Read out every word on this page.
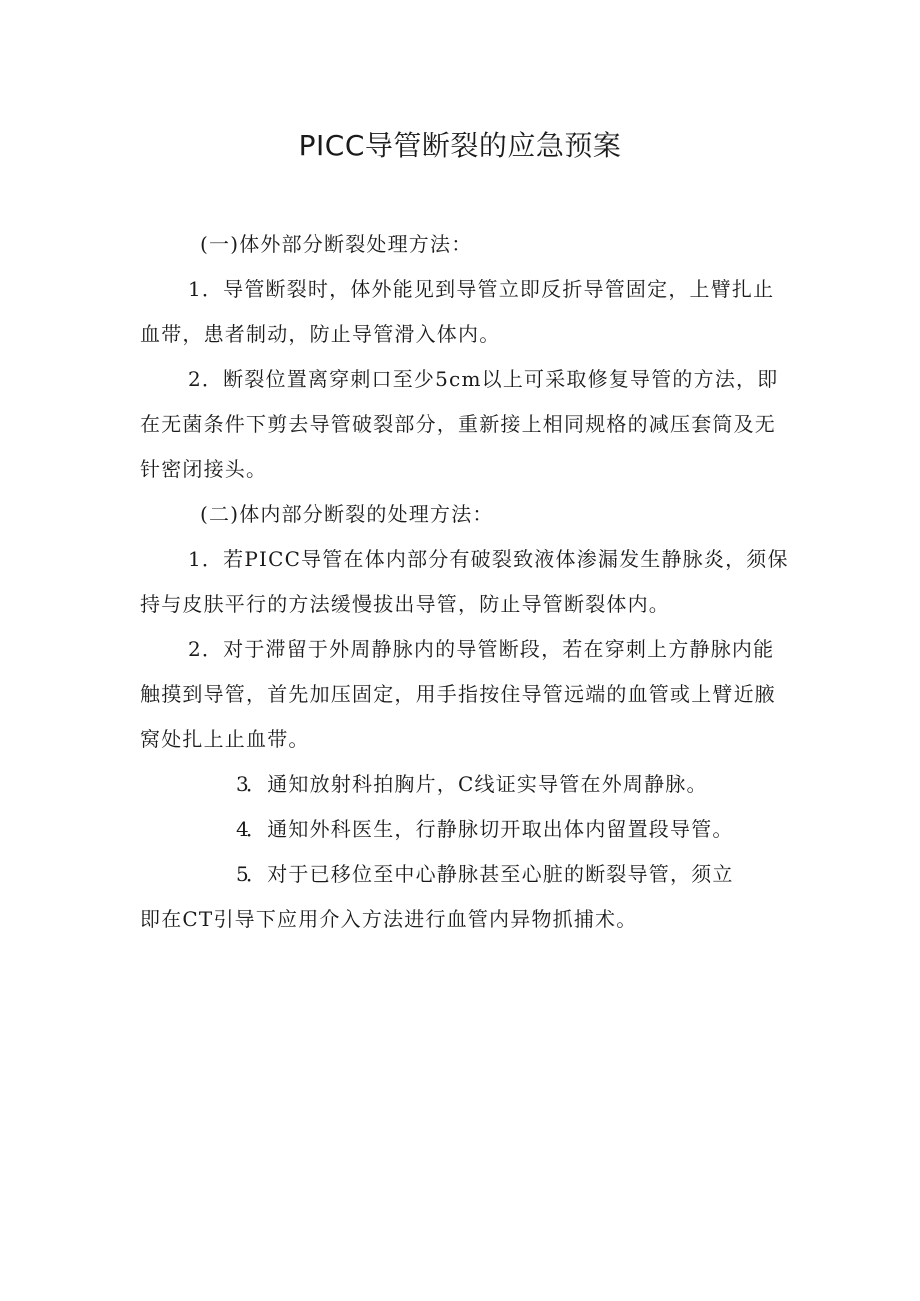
PICC导管断裂的应急预案

(一)体外部分断裂处理方法：

1．导管断裂时，体外能见到导管立即反折导管固定，上臂扎止血带，患者制动，防止导管滑入体内。

2．断裂位置离穿刺口至少5cm以上可采取修复导管的方法，即在无菌条件下剪去导管破裂部分，重新接上相同规格的减压套筒及无针密闭接头。

(二)体内部分断裂的处理方法：

1．若PICC导管在体内部分有破裂致液体渗漏发生静脉炎，须保持与皮肤平行的方法缓慢拔出导管，防止导管断裂体内。

2．对于滞留于外周静脉内的导管断段，若在穿刺上方静脉内能触摸到导管，首先加压固定，用手指按住导管远端的血管或上臂近腋窝处扎上止血带。

3．通知放射科拍胸片，C线证实导管在外周静脉。

4．通知外科医生，行静脉切开取出体内留置段导管。

5．对于已移位至中心静脉甚至心脏的断裂导管，须立

即在CT引导下应用介入方法进行血管内异物抓捕术。
